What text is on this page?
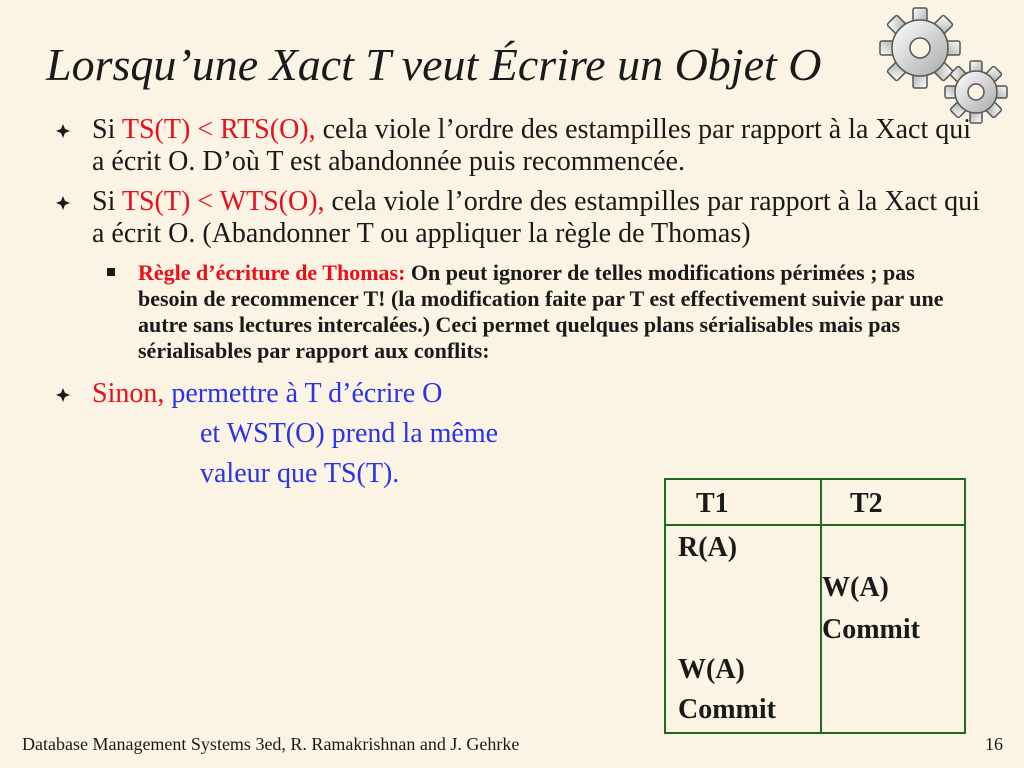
Lorsqu’une Xact T veut Écrire un Objet O
Si TS(T) < RTS(O), cela viole l’ordre des estampilles par rapport à la Xact qui a écrit O. D’où T est abandonnée puis recommencée.
Si TS(T) < WTS(O), cela viole l’ordre des estampilles par rapport à la Xact qui a écrit O. (Abandonner T ou appliquer la règle de Thomas)
Règle d’écriture de Thomas: On peut ignorer de telles modifications périmées ; pas besoin de recommencer T! (la modification faite par T est effectivement suivie par une autre sans lectures intercalées.) Ceci permet quelques plans sérialisables mais pas sérialisables par rapport aux conflits:
Sinon, permettre à T d’écrire O
et WST(O) prend la même
valeur que TS(T).
T1	T2
R(A)
W(A)
Commit
W(A)
Commit
Database Management Systems 3ed, R. Ramakrishnan and J. Gehrke	16
